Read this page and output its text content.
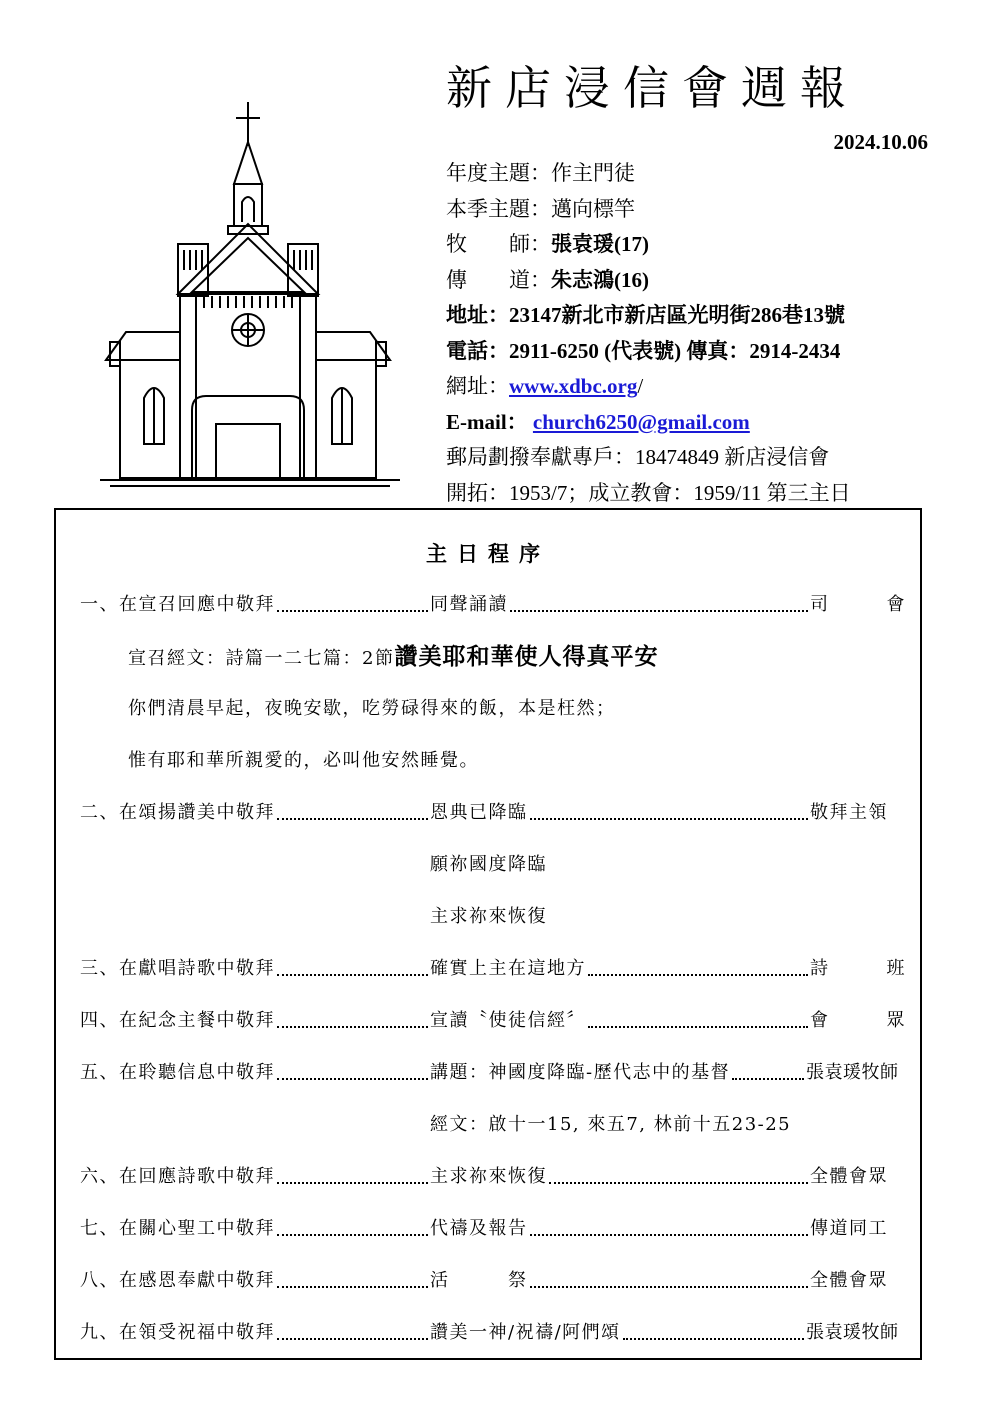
新店浸信會週報
2024.10.06
年度主題：作主門徒
本季主題：邁向標竿
牧 師：張袁瑗(17)
傳 道：朱志鴻(16)
地址：23147新北市新店區光明街286巷13號
電話：2911-6250 (代表號) 傳真：2914-2434
網址：www.xdbc.org/
E-mail： church6250@gmail.com
郵局劃撥奉獻專戶：18474849 新店浸信會
開拓：1953/7；成立教會：1959/11 第三主日
主日程序
一、在宣召回應中敬拜	同聲誦讀	司	會
宣召經文：詩篇一二七篇：2節讚美耶和華使人得真平安
你們清晨早起，夜晚安歇，吃勞碌得來的飯，本是枉然；
惟有耶和華所親愛的，必叫他安然睡覺。
二、在頌揚讚美中敬拜	恩典已降臨	敬拜主領
願祢國度降臨
主求祢來恢復
三、在獻唱詩歌中敬拜	確實上主在這地方	詩	班
四、在紀念主餐中敬拜	宣讀〝使徒信經〞	會	眾
五、在聆聽信息中敬拜	講題：神國度降臨-歷代志中的基督	張袁瑗牧師
經文：啟十一15, 來五7, 林前十五23-25
六、在回應詩歌中敬拜	主求祢來恢復	全體會眾
七、在關心聖工中敬拜	代禱及報告	傳道同工
八、在感恩奉獻中敬拜	活　　　祭	全體會眾
九、在領受祝福中敬拜	讚美一神/祝禱/阿們頌	張袁瑗牧師
